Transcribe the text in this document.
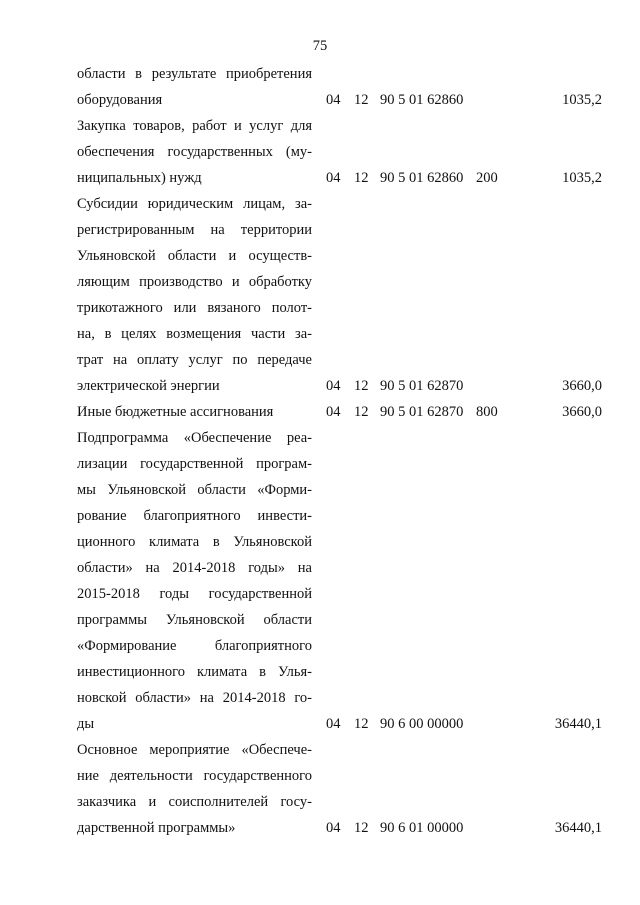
75
области в результате приобретения
оборудования	04 12 90 5 01 62860	1035,2
Закупка товаров, работ и услуг для
обеспечения государственных (му-
ниципальных) нужд	04 12 90 5 01 62860 200	1035,2
Субсидии юридическим лицам, за-
регистрированным на территории
Ульяновской области и осуществ-
ляющим производство и обработку
трикотажного или вязаного полот-
на, в целях возмещения части за-
трат на оплату услуг по передаче
электрической энергии	04 12 90 5 01 62870	3660,0
Иные бюджетные ассигнования	04 12 90 5 01 62870 800	3660,0
Подпрограмма «Обеспечение реа-
лизации государственной програм-
мы Ульяновской области «Форми-
рование благоприятного инвести-
ционного климата в Ульяновской
области» на 2014-2018 годы» на
2015-2018 годы государственной
программы Ульяновской области
«Формирование благоприятного
инвестиционного климата в Улья-
новской области» на 2014-2018 го-
ды	04 12 90 6 00 00000	36440,1
Основное мероприятие «Обеспече-
ние деятельности государственного
заказчика и соисполнителей госу-
дарственной программы»	04 12 90 6 01 00000	36440,1
